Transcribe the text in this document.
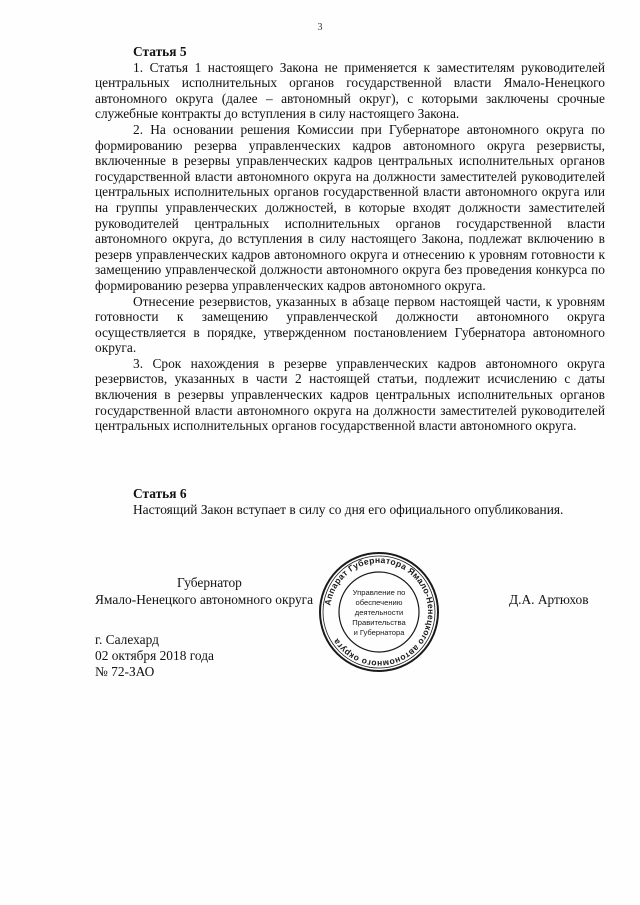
3
Статья 5

1. Статья 1 настоящего Закона не применяется к заместителям руководителей центральных исполнительных органов государственной власти Ямало-Ненецкого автономного округа (далее – автономный округ), с которыми заключены срочные служебные контракты до вступления в силу настоящего Закона.

2. На основании решения Комиссии при Губернаторе автономного округа по формированию резерва управленческих кадров автономного округа резервисты, включенные в резервы управленческих кадров центральных исполнительных органов государственной власти автономного округа на должности заместителей руководителей центральных исполнительных органов государственной власти автономного округа или на группы управленческих должностей, в которые входят должности заместителей руководителей центральных исполнительных органов государственной власти автономного округа, до вступления в силу настоящего Закона, подлежат включению в резерв управленческих кадров автономного округа и отнесению к уровням готовности к замещению управленческой должности автономного округа без проведения конкурса по формированию резерва управленческих кадров автономного округа.

Отнесение резервистов, указанных в абзаце первом настоящей части, к уровням готовности к замещению управленческой должности автономного округа осуществляется в порядке, утвержденном постановлением Губернатора автономного округа.

3. Срок нахождения в резерве управленческих кадров автономного округа резервистов, указанных в части 2 настоящей статьи, подлежит исчислению с даты включения в резервы управленческих кадров центральных исполнительных органов государственной власти автономного округа на должности заместителей руководителей центральных исполнительных органов государственной власти автономного округа.

Статья 6

Настоящий Закон вступает в силу со дня его официального опубликования.

Губернатор
Ямало-Ненецкого автономного округа	Д.А. Артюхов
Аппарат Губернатора Ямало-Ненецкого автономного округа
Управление по
обеспечению
деятельности
Правительства
и Губернатора
г. Салехард
02 октября 2018 года
№ 72-ЗАО
